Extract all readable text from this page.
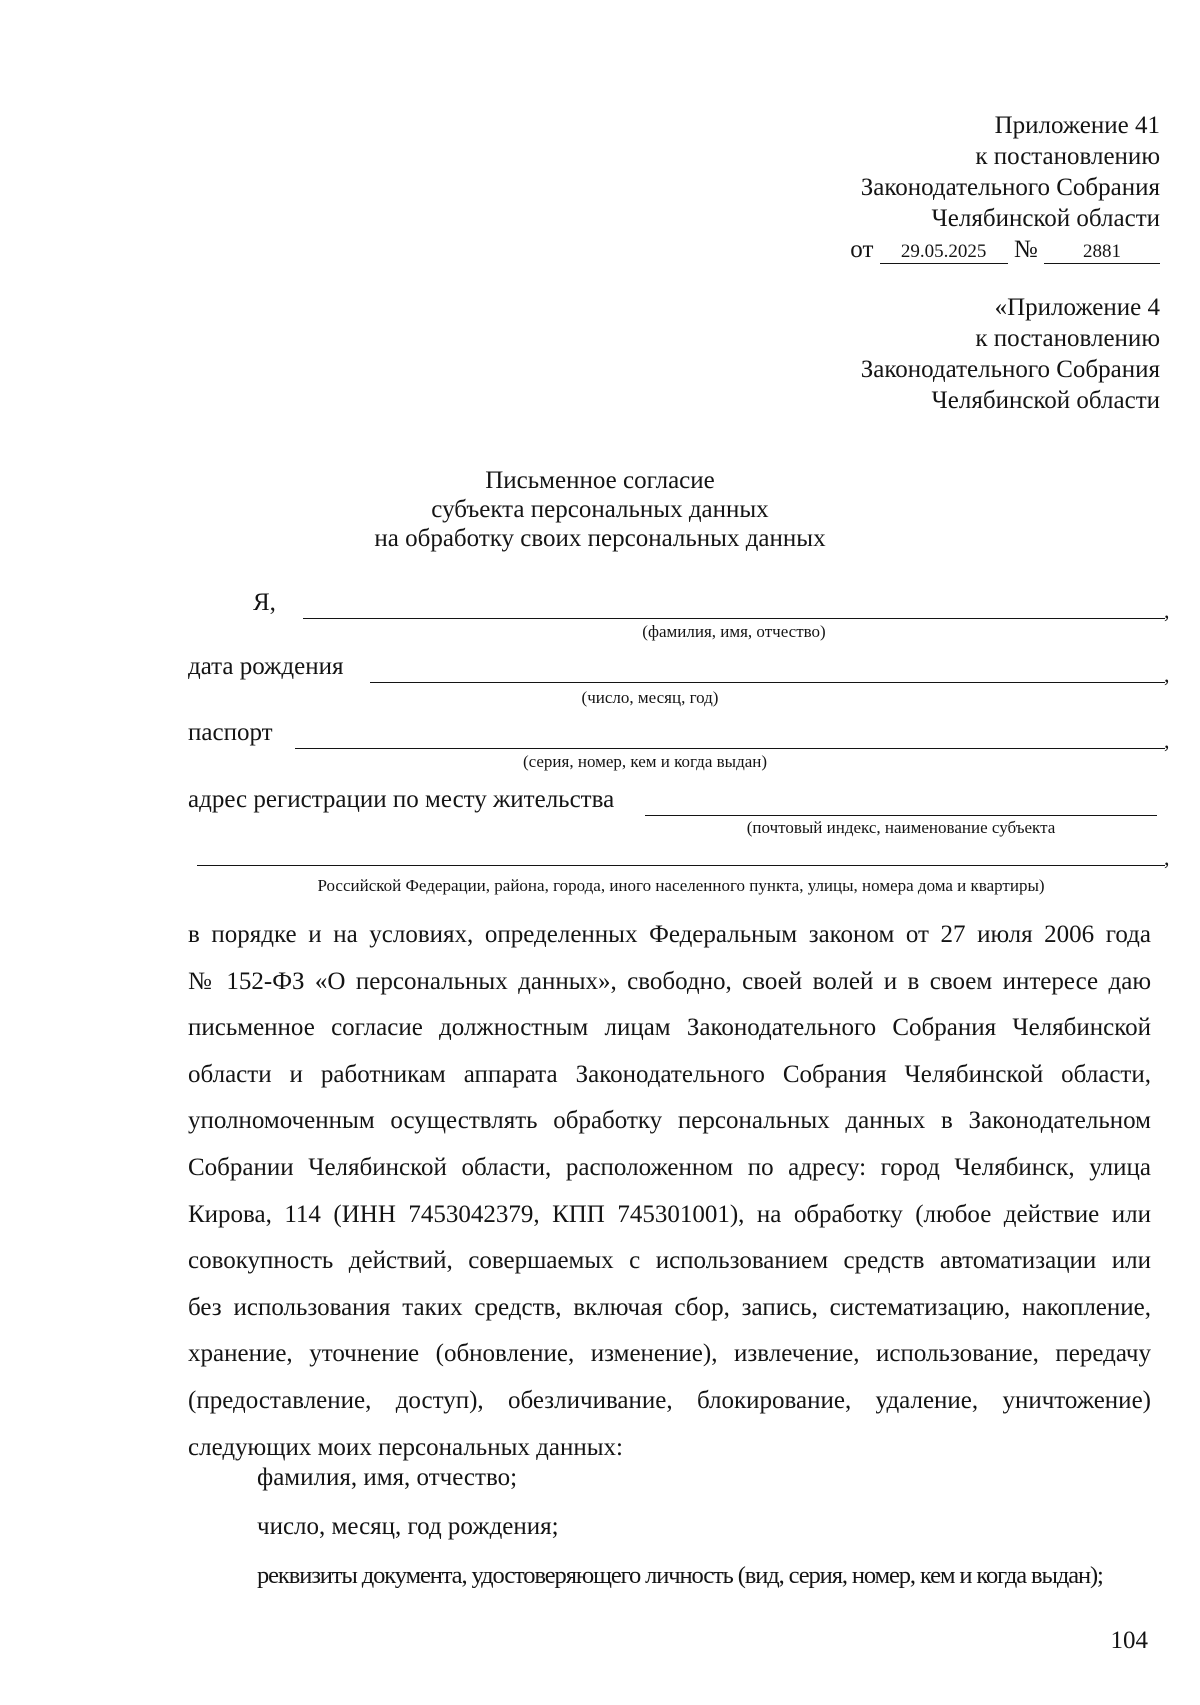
Приложение 41
к постановлению
Законодательного Собрания
Челябинской области
от 29.05.2025 № 2881
«Приложение 4
к постановлению
Законодательного Собрания
Челябинской области
Письменное согласие
субъекта персональных данных
на обработку своих персональных данных
Я,	,
(фамилия, имя, отчество)
дата рождения	,
(число, месяц, год)
паспорт	,
(серия, номер, кем и когда выдан)
адрес регистрации по месту жительства
(почтовый индекс, наименование субъекта
,
Российской Федерации, района, города, иного населенного пункта, улицы, номера дома и квартиры)

в порядке и на условиях, определенных Федеральным законом от 27 июля 2006 года

№ 152-ФЗ «О персональных данных», свободно, своей волей и в своем интересе даю

письменное согласие должностным лицам Законодательного Собрания Челябинской

области и работникам аппарата Законодательного Собрания Челябинской области,

уполномоченным осуществлять обработку персональных данных в Законодательном

Собрании Челябинской области, расположенном по адресу: город Челябинск, улица

Кирова, 114 (ИНН 7453042379, КПП 745301001), на обработку (любое действие или

совокупность действий, совершаемых с использованием средств автоматизации или

без использования таких средств, включая сбор, запись, систематизацию, накопление,

хранение, уточнение (обновление, изменение), извлечение, использование, передачу

(предоставление, доступ), обезличивание, блокирование, удаление, уничтожение)

следующих моих персональных данных:

фамилия, имя, отчество;
число, месяц, год рождения;
реквизиты документа, удостоверяющего личность (вид, серия, номер, кем и когда выдан);
104
